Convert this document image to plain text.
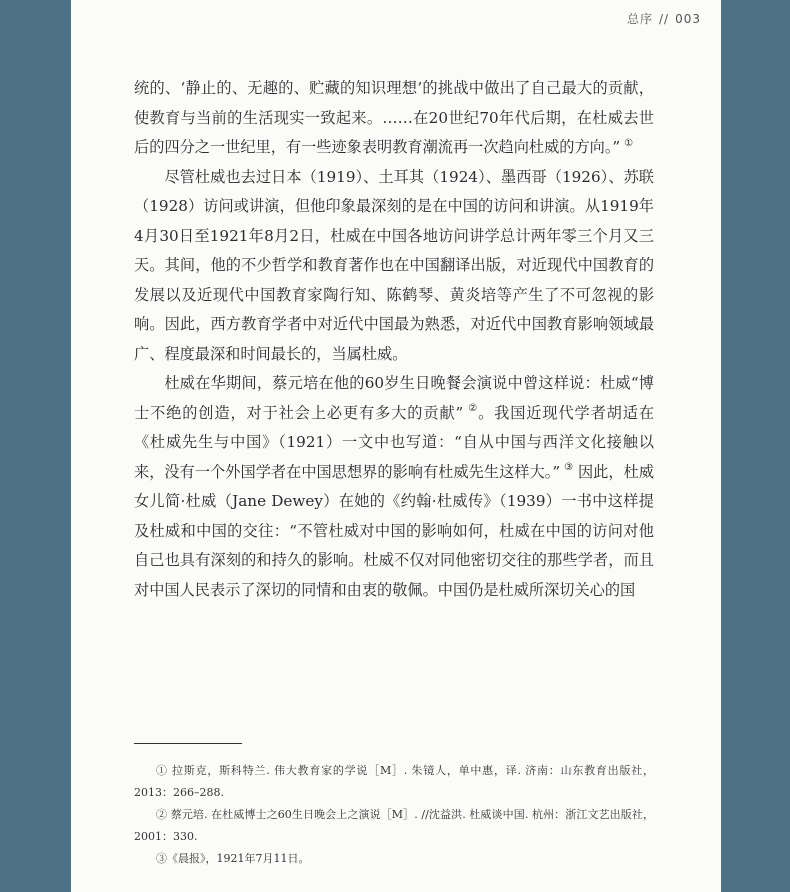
总序 // 003

统的、‘静止的、无趣的、贮藏的知识理想’的挑战中做出了自己最大的贡献，使教育与当前的生活现实一致起来。……在20世纪70年代后期，在杜威去世后的四分之一世纪里，有一些迹象表明教育潮流再一次趋向杜威的方向。” ①

尽管杜威也去过日本（1919）、土耳其（1924）、墨西哥（1926）、苏联（1928）访问或讲演，但他印象最深刻的是在中国的访问和讲演。从1919年4月30日至1921年8月2日，杜威在中国各地访问讲学总计两年零三个月又三天。其间，他的不少哲学和教育著作也在中国翻译出版，对近现代中国教育的发展以及近现代中国教育家陶行知、陈鹤琴、黄炎培等产生了不可忽视的影响。因此，西方教育学者中对近代中国最为熟悉，对近代中国教育影响领域最广、程度最深和时间最长的，当属杜威。

杜威在华期间，蔡元培在他的60岁生日晚餐会演说中曾这样说：杜威“博士不绝的创造，对于社会上必更有多大的贡献” ②。我国近现代学者胡适在《杜威先生与中国》（1921）一文中也写道：“自从中国与西洋文化接触以来，没有一个外国学者在中国思想界的影响有杜威先生这样大。” ③ 因此，杜威女儿简·杜威（Jane Dewey）在她的《约翰·杜威传》（1939）一书中这样提及杜威和中国的交往：“不管杜威对中国的影响如何，杜威在中国的访问对他自己也具有深刻的和持久的影响。杜威不仅对同他密切交往的那些学者，而且对中国人民表示了深切的同情和由衷的敬佩。中国仍是杜威所深切关心的国

① 拉斯克，斯科特兰. 伟大教育家的学说［M］. 朱镜人，单中惠，译. 济南：山东教育出版社，2013：266–288.

② 蔡元培. 在杜威博士之60生日晚会上之演说［M］. //沈益洪. 杜威谈中国. 杭州：浙江文艺出版社，2001：330.

③《晨报》，1921年7月11日。
